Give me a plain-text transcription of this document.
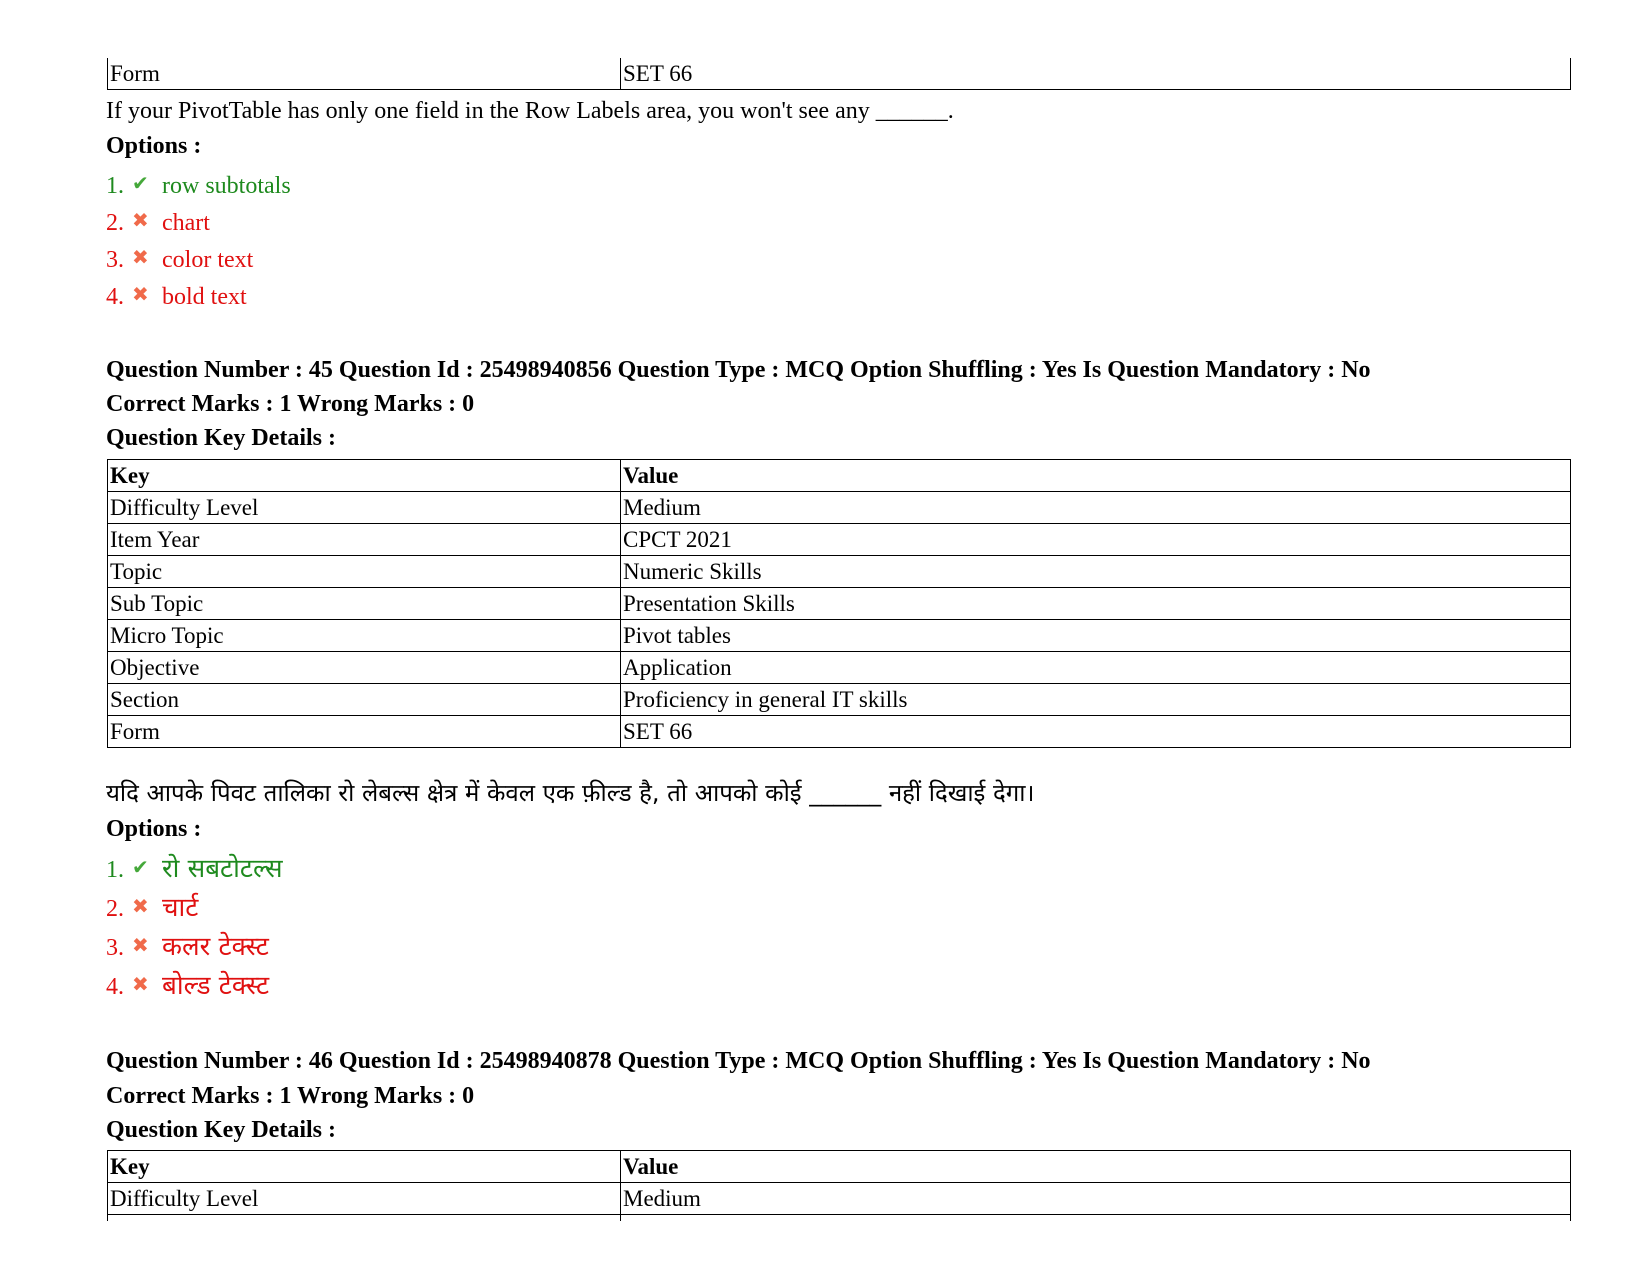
Form	SET 66
If your PivotTable has only one field in the Row Labels area, you won't see any ______.
Options :
1. ✔ row subtotals
2. ✖ chart
3. ✖ color text
4. ✖ bold text
Question Number : 45 Question Id : 25498940856 Question Type : MCQ Option Shuffling : Yes Is Question Mandatory : No
Correct Marks : 1 Wrong Marks : 0
Question Key Details :
Key	Value
Difficulty Level	Medium
Item Year	CPCT 2021
Topic	Numeric Skills
Sub Topic	Presentation Skills
Micro Topic	Pivot tables
Objective	Application
Section	Proficiency in general IT skills
Form	SET 66
यदि आपके पिवट तालिका रो लेबल्स क्षेत्र में केवल एक फ़ील्ड है, तो आपको कोई ______ नहीं दिखाई देगा।
Options :
1. ✔ रो सबटोटल्स
2. ✖ चार्ट
3. ✖ कलर टेक्स्ट
4. ✖ बोल्ड टेक्स्ट
Question Number : 46 Question Id : 25498940878 Question Type : MCQ Option Shuffling : Yes Is Question Mandatory : No
Correct Marks : 1 Wrong Marks : 0
Question Key Details :
Key	Value
Difficulty Level	Medium
